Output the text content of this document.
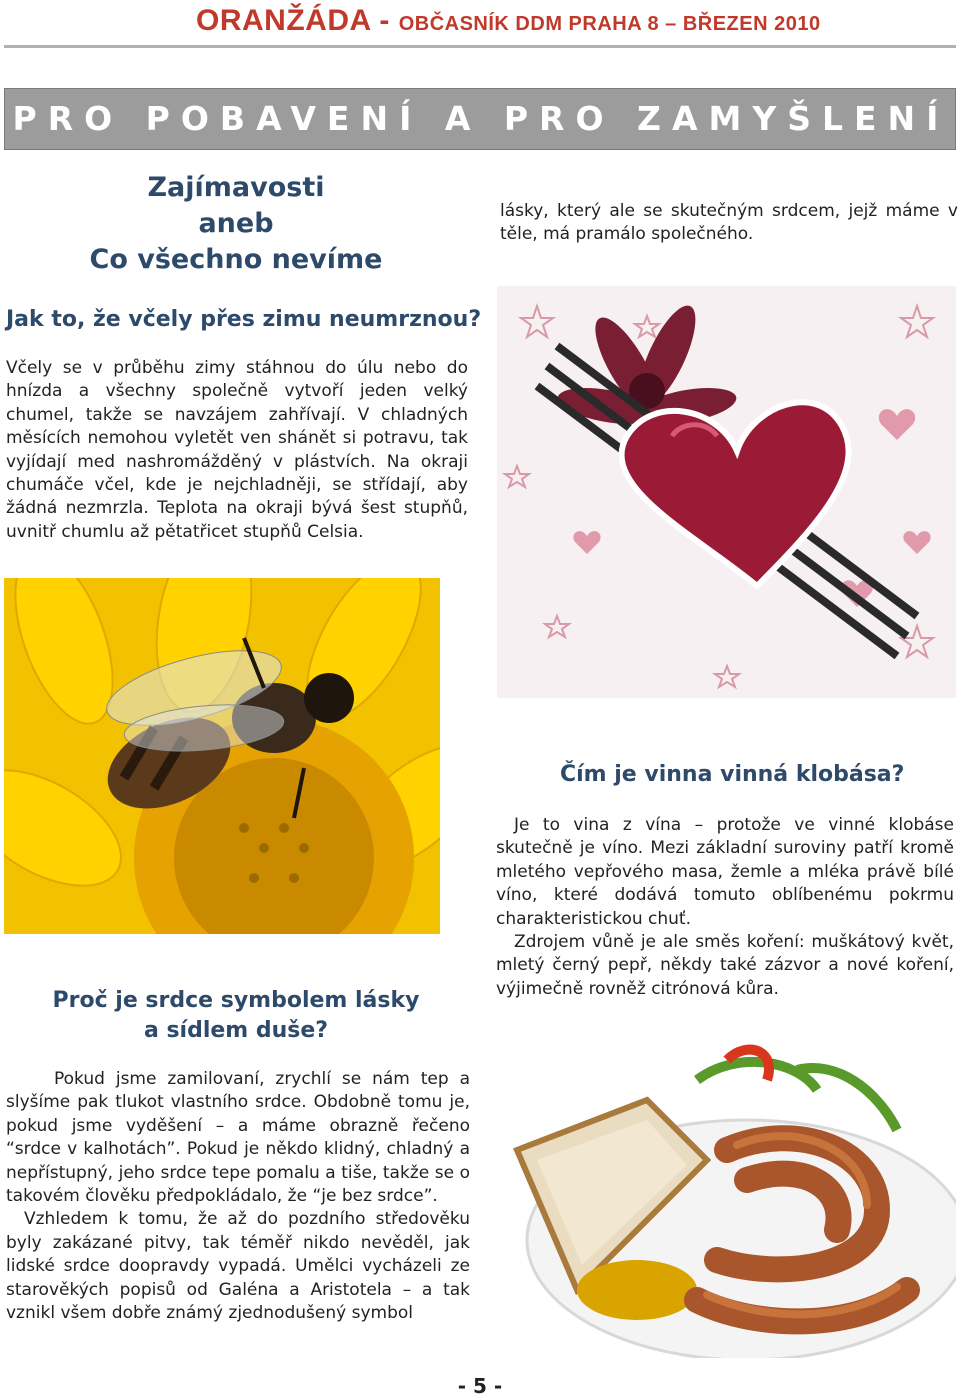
ORANŽÁDA - OBČASNÍK DDM PRAHA 8 – BŘEZEN 2010
PRO POBAVENÍ A PRO ZAMYŠLENÍ
Zajímavosti
aneb
Co všechno nevíme
lásky, který ale se skutečným srdcem, jejž máme v těle, má pramálo společného.
Jak to, že včely přes zimu neumrznou?
Včely se v průběhu zimy stáhnou do úlu nebo do hnízda a všechny společně vytvoří jeden velký chumel, takže se navzájem zahřívají. V chladných měsících nemohou vyletět ven shánět si potravu, tak vyjídají med nashromážděný v plástvích. Na okraji chumáče včel, kde je nejchladněji, se střídají, aby žádná nezmrzla. Teplota na okraji bývá šest stupňů, uvnitř chumlu až pětatřicet stupňů Celsia.
Čím je vinna vinná klobása?

Je to vina z vína – protože ve vinné klobáse skutečně je víno. Mezi základní suroviny patří kromě mletého vepřového masa, žemle a mléka právě bílé víno, které dodává tomuto oblíbenému pokrmu charakteristickou chuť.

Zdrojem vůně je ale směs koření: muškátový květ, mletý černý pepř, někdy také zázvor a nové koření, výjimečně rovněž citrónová kůra.

Proč je srdce symbolem lásky
a sídlem duše?

Pokud jsme zamilovaní, zrychlí se nám tep a slyšíme pak tlukot vlastního srdce. Obdobně tomu je, pokud jsme vyděšení – a máme obrazně řečeno “srdce v kalhotách”. Pokud je někdo klidný, chladný a nepřístupný, jeho srdce tepe pomalu a tiše, takže se o takovém člověku předpokládalo, že “je bez srdce”.

Vzhledem k tomu, že až do pozdního středověku byly zakázané pitvy, tak téměř nikdo nevěděl, jak lidské srdce doopravdy vypadá. Umělci vycházeli ze starověkých popisů od Galéna a Aristotela – a tak vznikl všem dobře známý zjednodušený symbol

- 5 -
